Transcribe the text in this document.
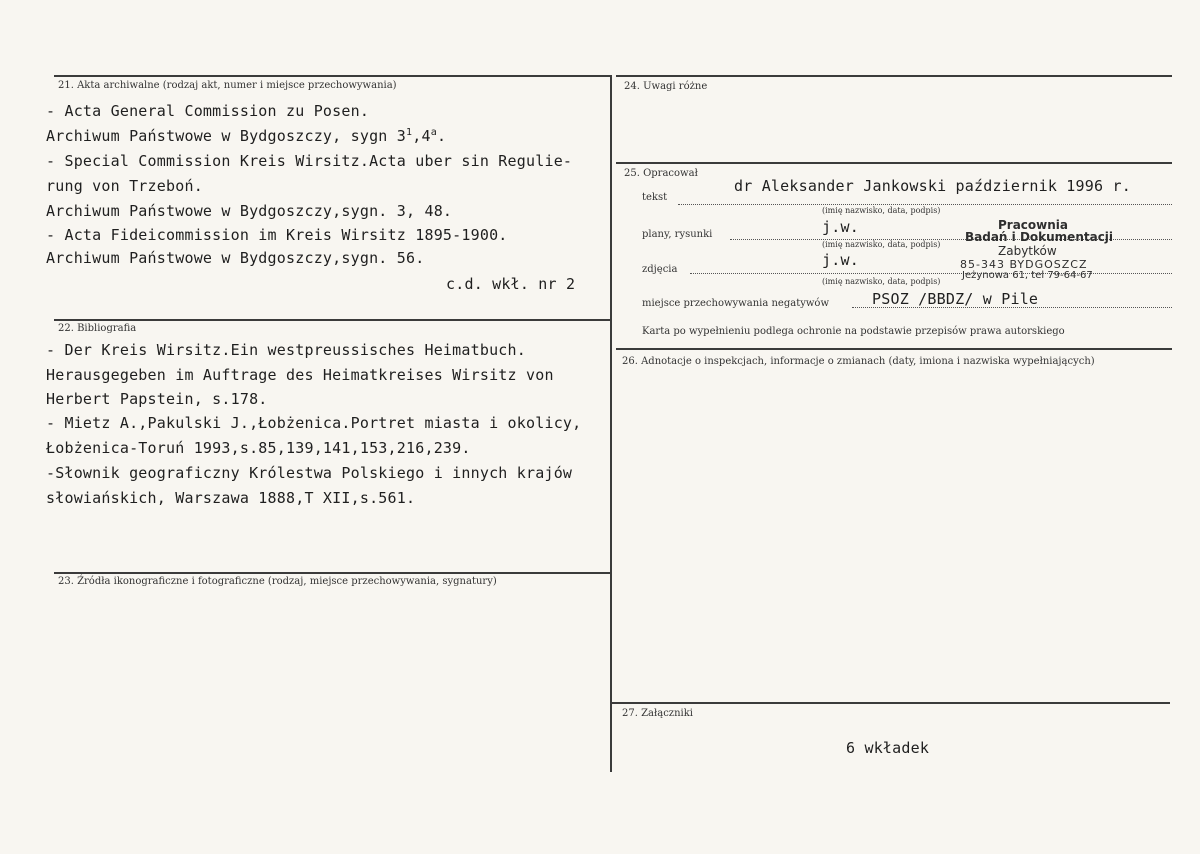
21. Akta archiwalne (rodzaj akt, numer i miejsce przechowywania)
- Acta General Commission zu Posen.
Archiwum Państwowe w Bydgoszczy, sygn $3^1,4^a$.
- Special Commission Kreis Wirsitz.Acta uber sin Regulie-
rung von Trzeboń.
Archiwum Państwowe w Bydgoszczy,sygn. 3, 48.
- Acta Fideicommission im Kreis Wirsitz 1895-1900.
Archiwum Państwowe w Bydgoszczy,sygn. 56.
c.d. wkł. nr 2
22. Bibliografia
- Der Kreis Wirsitz.Ein westpreussisches Heimatbuch.
Herausgegeben im Auftrage des Heimatkreises Wirsitz von
Herbert Papstein, s.178.
- Mietz A.,Pakulski J.,Łobżenica.Portret miasta i okolicy,
Łobżenica-Toruń 1993,s.85,139,141,153,216,239.
-Słownik geograficzny Królestwa Polskiego i innych krajów
słowiańskich, Warszawa 1888,T XII,s.561.
23. Źródła ikonograficzne i fotograficzne (rodzaj, miejsce przechowywania, sygnatury)
24. Uwagi różne
25. Opracował
tekst
dr Aleksander Jankowski październik 1996 r.
(imię nazwisko, data, podpis)
plany, rysunki	j.w.
(imię nazwisko, data, podpis)
zdjęcia
j.w.
(imię nazwisko, data, podpis)
miejsce przechowywania negatywów	PSOZ /BBDZ/ w Pile
Karta po wypełnieniu podlega ochronie na podstawie przepisów prawa autorskiego
Pracownia
Badań i Dokumentacji
Zabytków
85-343 BYDGOSZCZ
Jeżynowa 61, tel 79-64-67
26. Adnotacje o inspekcjach, informacje o zmianach (daty, imiona i nazwiska wypełniających)
27. Załączniki
6 wkładek
